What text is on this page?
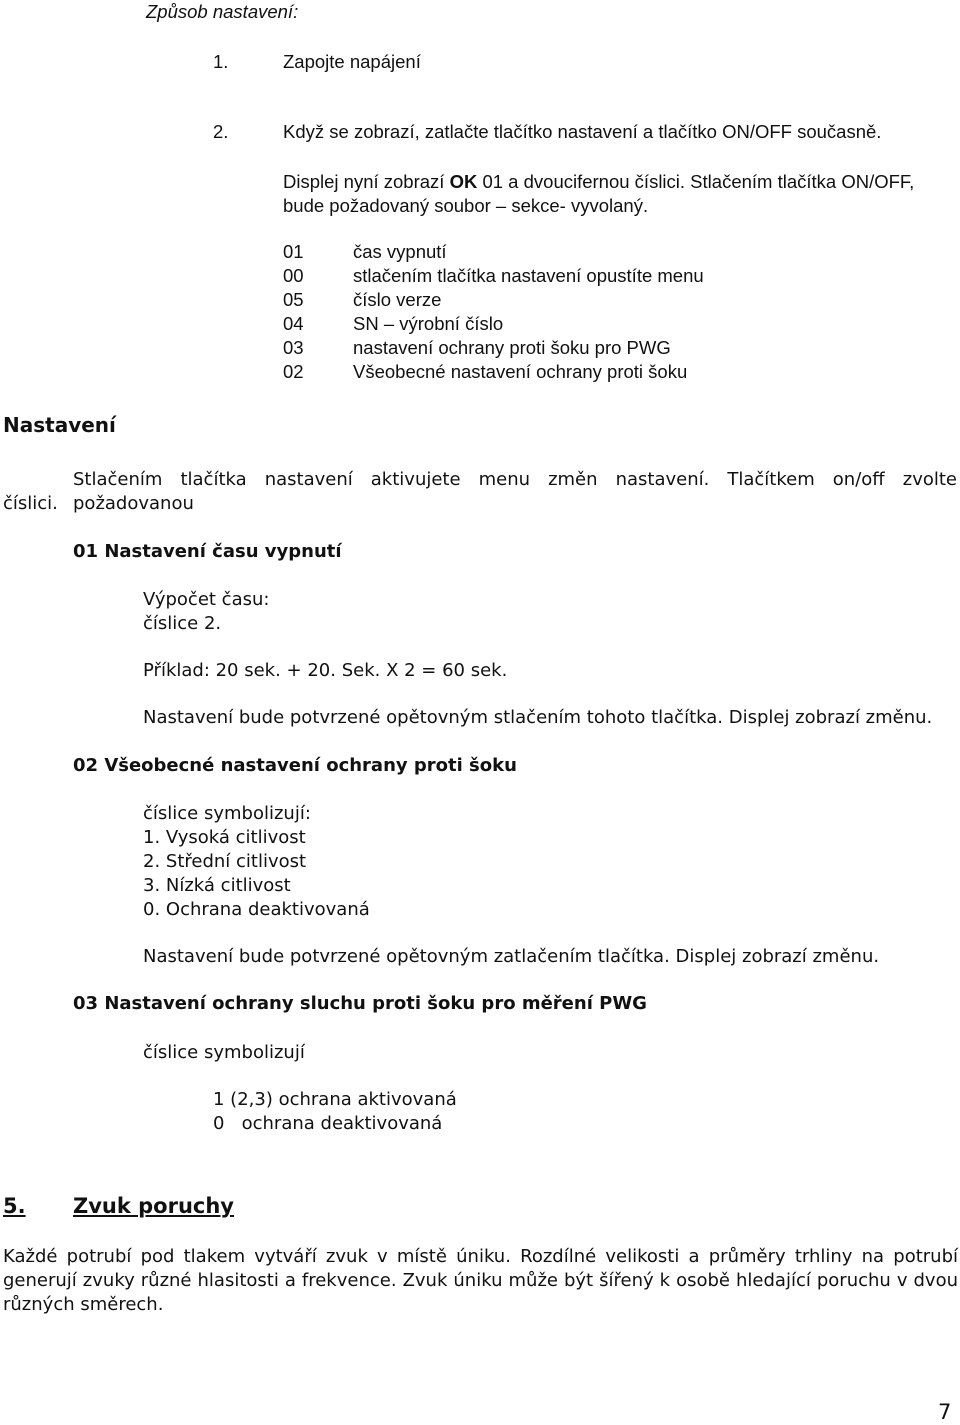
Způsob nastavení:
1.	Zapojte napájení
2.	Když se zobrazí, zatlačte tlačítko nastavení a tlačítko ON/OFF současně.
Displej nyní zobrazí OK 01 a dvoucifernou číslici. Stlačením tlačítka ON/OFF,
bude požadovaný soubor – sekce- vyvolaný.
01	čas vypnutí
00	stlačením tlačítka nastavení opustíte menu
05	číslo verze
04	SN – výrobní číslo
03	nastavení ochrany proti šoku pro PWG
02	Všeobecné nastavení ochrany proti šoku
Nastavení
Stlačením tlačítka nastavení aktivujete menu změn nastavení. Tlačítkem on/off zvolte požadovanou
číslici.
01 Nastavení času vypnutí
Výpočet času:
číslice 2.
Příklad: 20 sek. + 20. Sek. X 2 = 60 sek.
Nastavení bude potvrzené opětovným stlačením tohoto tlačítka. Displej zobrazí změnu.
02 Všeobecné nastavení ochrany proti šoku
číslice symbolizují:
1. Vysoká citlivost
2. Střední citlivost
3. Nízká citlivost
0. Ochrana deaktivovaná
Nastavení bude potvrzené opětovným zatlačením tlačítka. Displej zobrazí změnu.
03 Nastavení ochrany sluchu proti šoku pro měření PWG
číslice symbolizují
1 (2,3) ochrana aktivovaná
0   ochrana deaktivovaná
5. Zvuk poruchy
Každé potrubí pod tlakem vytváří zvuk v místě úniku. Rozdílné velikosti a průměry trhliny na potrubí generují zvuky různé hlasitosti a frekvence. Zvuk úniku může být šířený k osobě hledající poruchu v dvou různých směrech.
7
